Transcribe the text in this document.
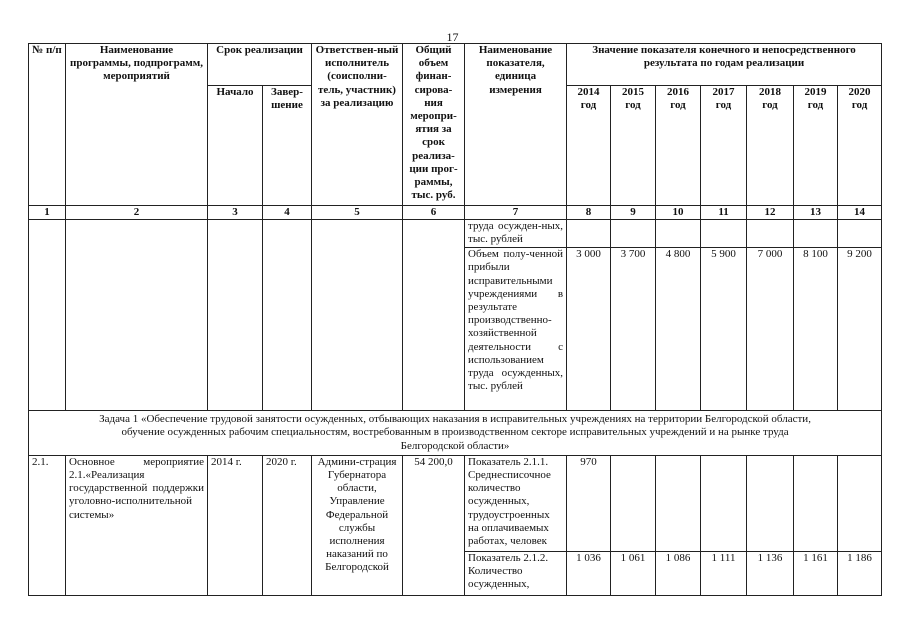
17
№ п/п	Наименование программы, подпрограмм, мероприятий	Срок реализации		Ответствен-ный исполнитель (соисполни-тель, участник) за реализацию	Общий объем финан-сирова-ния меропри-ятия за срок реализа-ции прог-раммы, тыс. руб.	Наименование показателя, единица измерения	Значение показателя конечного и непосредственного результата по годам реализации						
		Начало	Завер-шение				2014 год	2015 год	2016 год	2017 год	2018 год	2019 год	2020 год
1	2	3	4	5	6	7	8	9	10	11	12	13	14
						труда осужден-ных, тыс. рублей							
						Объем полу-ченной прибыли исправительными учреждениями в результате производственно-хозяйственной деятельности с использованием труда осужденных, тыс. рублей	3 000	3 700	4 800	5 900	7 000	8 100	9 200
Задача 1 «Обеспечение трудовой занятости осужденных, отбывающих наказания в исправительных учреждениях на территории Белгородской области, обучение осужденных рабочим специальностям, востребованным в производственном секторе исправительных учреждений и на рынке труда Белгородской области»													
2.1.	Основное мероприятие 2.1.«Реализация государственной поддержки уголовно-исполнительной системы»	2014 г.	2020 г.	Админи-страция Губернатора области, Управление Федеральной службы исполнения наказаний по Белгородской	54 200,0	Показатель 2.1.1. Среднесписочное количество осужденных, трудоустроенных на оплачиваемых работах, человек	970						
						Показатель 2.1.2. Количество осужденных,	1 036	1 061	1 086	1 111	1 136	1 161	1 186
